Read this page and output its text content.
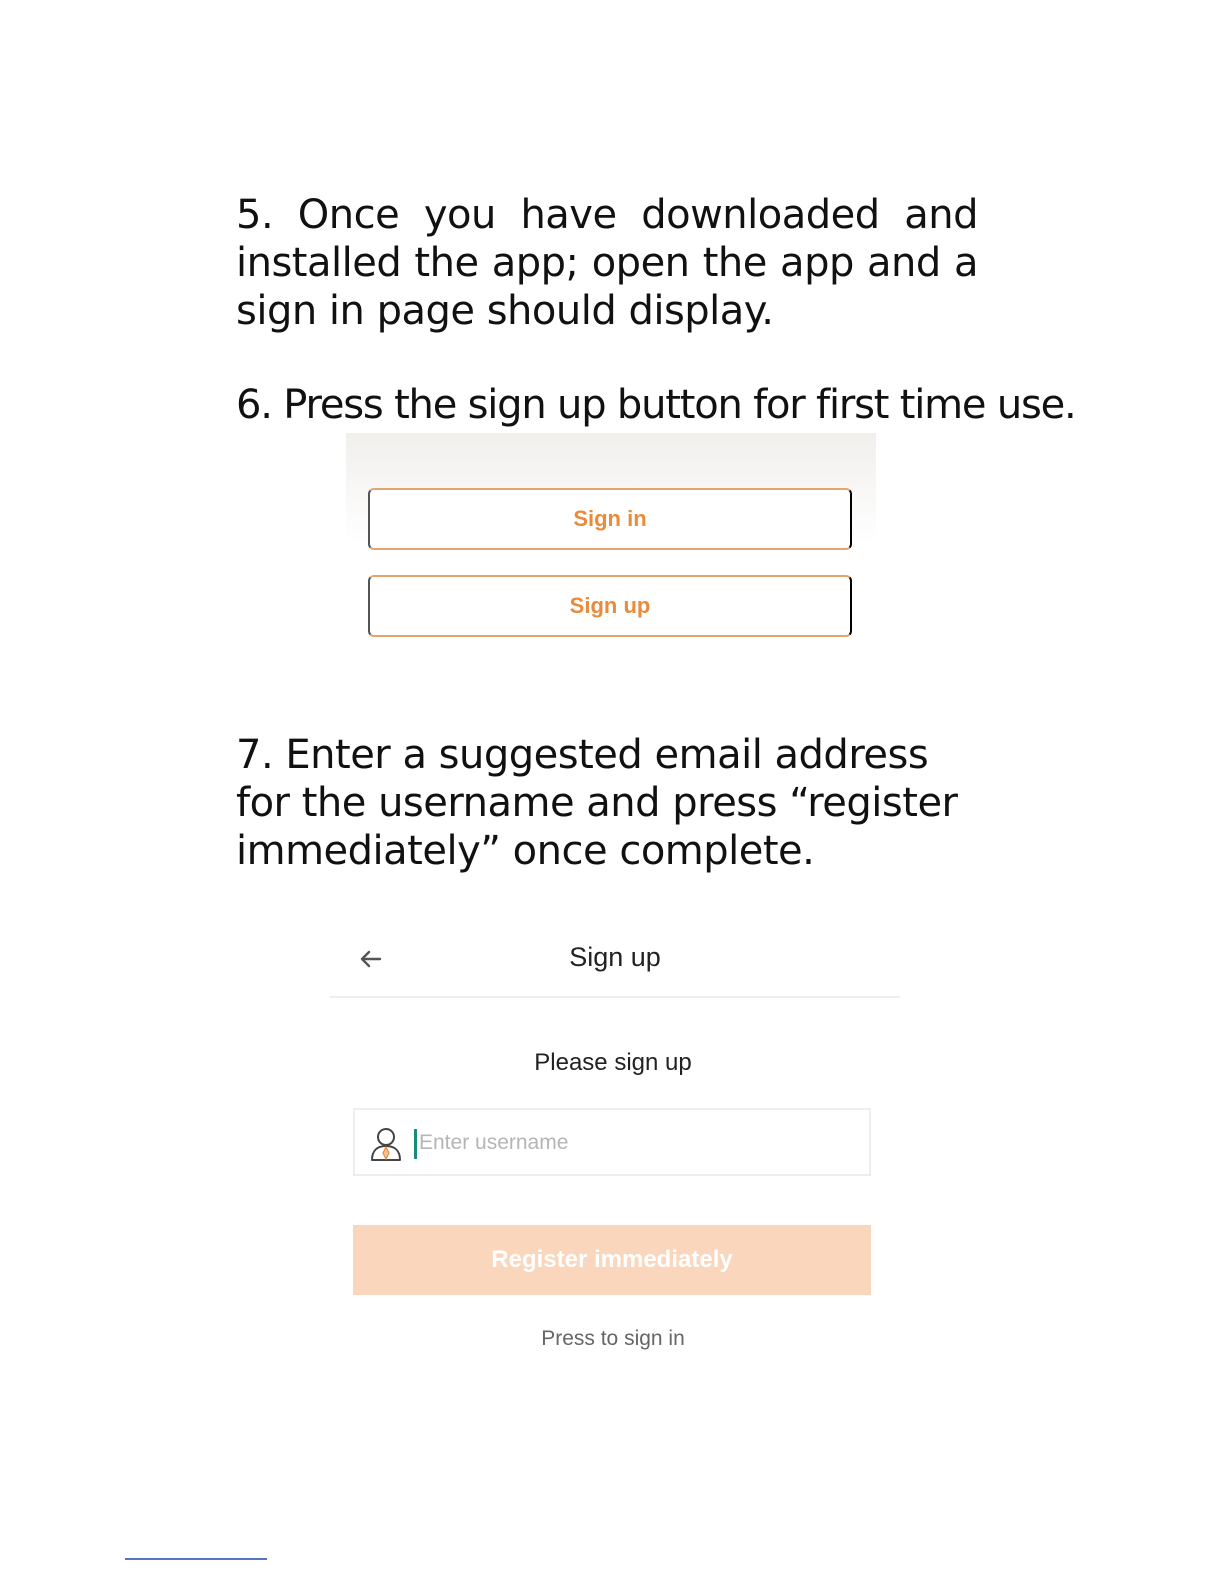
5. Once you have downloaded and installed the app; open the app and a sign in page should display.
6. Press the sign up button for first time use.
Sign in
Sign up
7. Enter a suggested email address for the username and press “register immediately” once complete.
Sign up
Please sign up
Enter username
Register immediately
Press to sign in
